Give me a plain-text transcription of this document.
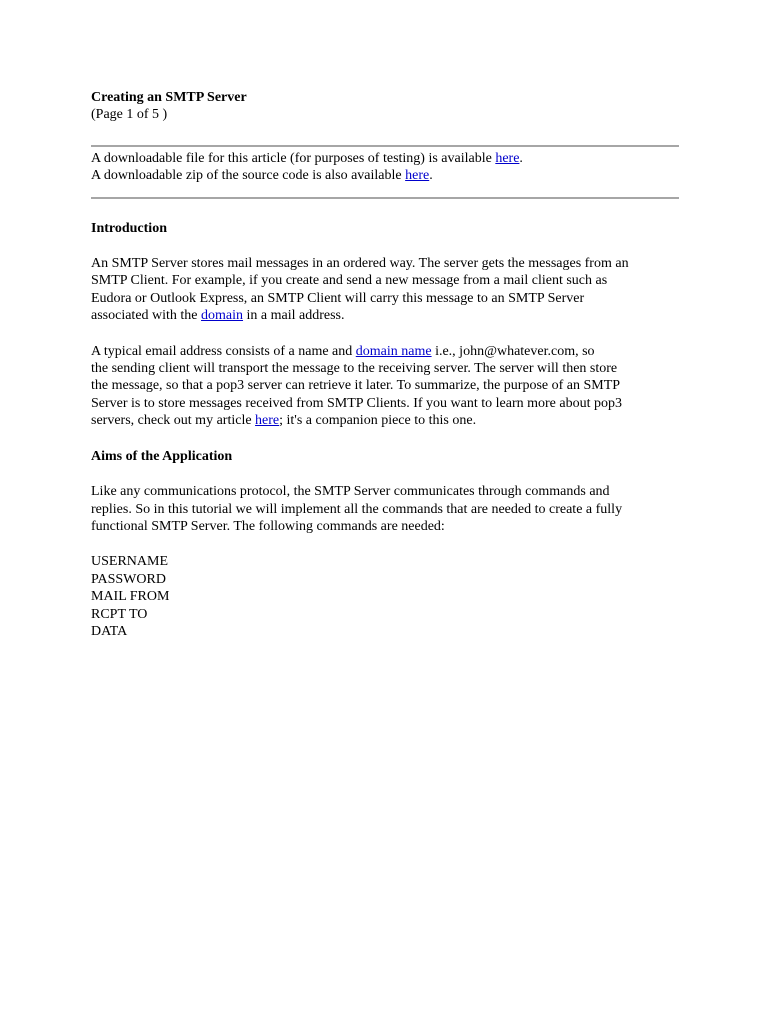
Creating an SMTP Server
(Page 1 of 5 )
A downloadable file for this article (for purposes of testing) is available here.
A downloadable zip of the source code is also available here.
Introduction
An SMTP Server stores mail messages in an ordered way. The server gets the messages from an
SMTP Client. For example, if you create and send a new message from a mail client such as
Eudora or Outlook Express, an SMTP Client will carry this message to an SMTP Server
associated with the domain in a mail address.
A typical email address consists of a name and domain name i.e., john@whatever.com, so
the sending client will transport the message to the receiving server. The server will then store
the message, so that a pop3 server can retrieve it later. To summarize, the purpose of an SMTP
Server is to store messages received from SMTP Clients. If you want to learn more about pop3
servers, check out my article here; it's a companion piece to this one.
Aims of the Application
Like any communications protocol, the SMTP Server communicates through commands and
replies. So in this tutorial we will implement all the commands that are needed to create a fully
functional SMTP Server. The following commands are needed:
USERNAME
PASSWORD
MAIL FROM
RCPT TO
DATA
